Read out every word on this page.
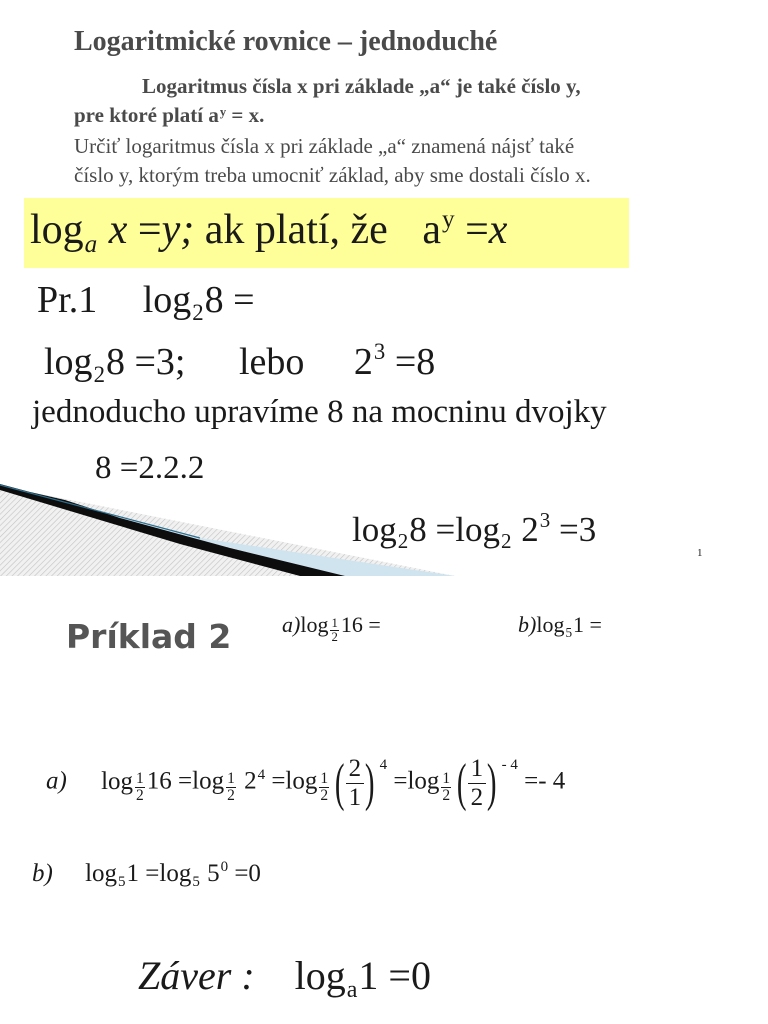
Logaritmické rovnice – jednoduché
Logaritmus čísla x pri základe „a“ je také číslo y,
pre ktoré platí $a^y = x$.
Určiť logaritmus čísla x pri základe „a“ znamená nájsť také
číslo y, ktorým treba umocniť základ, aby sme dostali číslo x.
$\log_a x =y$; ak platí, že $a^y =x$
Pr.1 $\log_28$ =
$\log_28 =3$; lebo $2^3 =8$
jednoducho upravíme 8 na mocninu dvojky
8 =2.2.2
$\log_28 =\log_2$ $2^3 =3$
1
Príklad 2 $a)\log \frac{1}{2} 16$ =	$b)\log_51$ =
a) $\log \frac{1}{2} 16 =\log \frac{1}{2} 2^4 =\log \frac{1}{2}$ ( $\frac{2}{1}$ ) $^4 =\log \frac{1}{2}$ ( $\frac{1}{2}$ ) $^{- 4}$ =- 4
b) $\log_51 =\log_5$ $5^0 =0$
Záver : $\log_a1 =0$
